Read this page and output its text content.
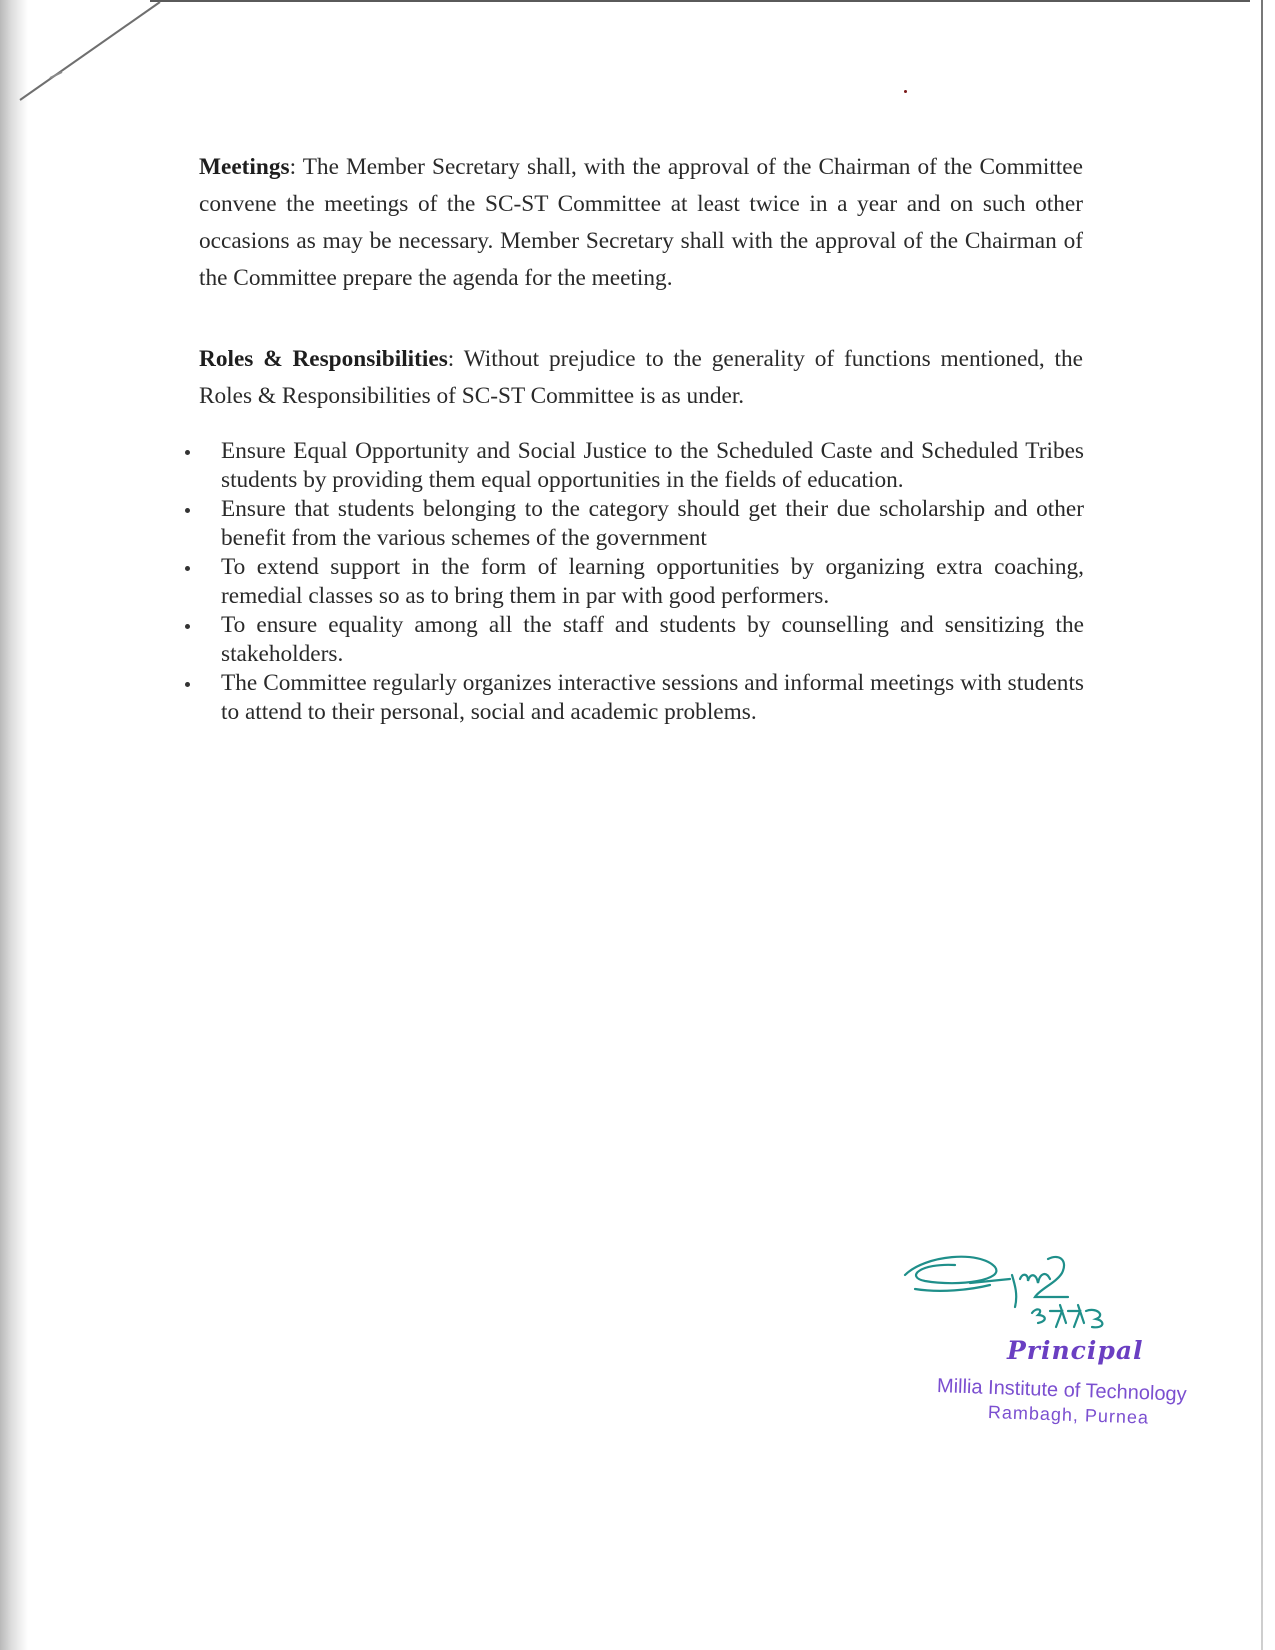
Meetings: The Member Secretary shall, with the approval of the Chairman of the Committee convene the meetings of the SC-ST Committee at least twice in a year and on such other occasions as may be necessary. Member Secretary shall with the approval of the Chairman of the Committee prepare the agenda for the meeting.

Roles & Responsibilities: Without prejudice to the generality of functions mentioned, the Roles & Responsibilities of SC-ST Committee is as under.

Ensure Equal Opportunity and Social Justice to the Scheduled Caste and Scheduled Tribes students by providing them equal opportunities in the fields of education.
Ensure that students belonging to the category should get their due scholarship and other benefit from the various schemes of the government
To extend support in the form of learning opportunities by organizing extra coaching, remedial classes so as to bring them in par with good performers.
To ensure equality among all the staff and students by counselling and sensitizing the stakeholders.
The Committee regularly organizes interactive sessions and informal meetings with students to attend to their personal, social and academic problems.
Principal
Millia Institute of Technology
Rambagh, Purnea
